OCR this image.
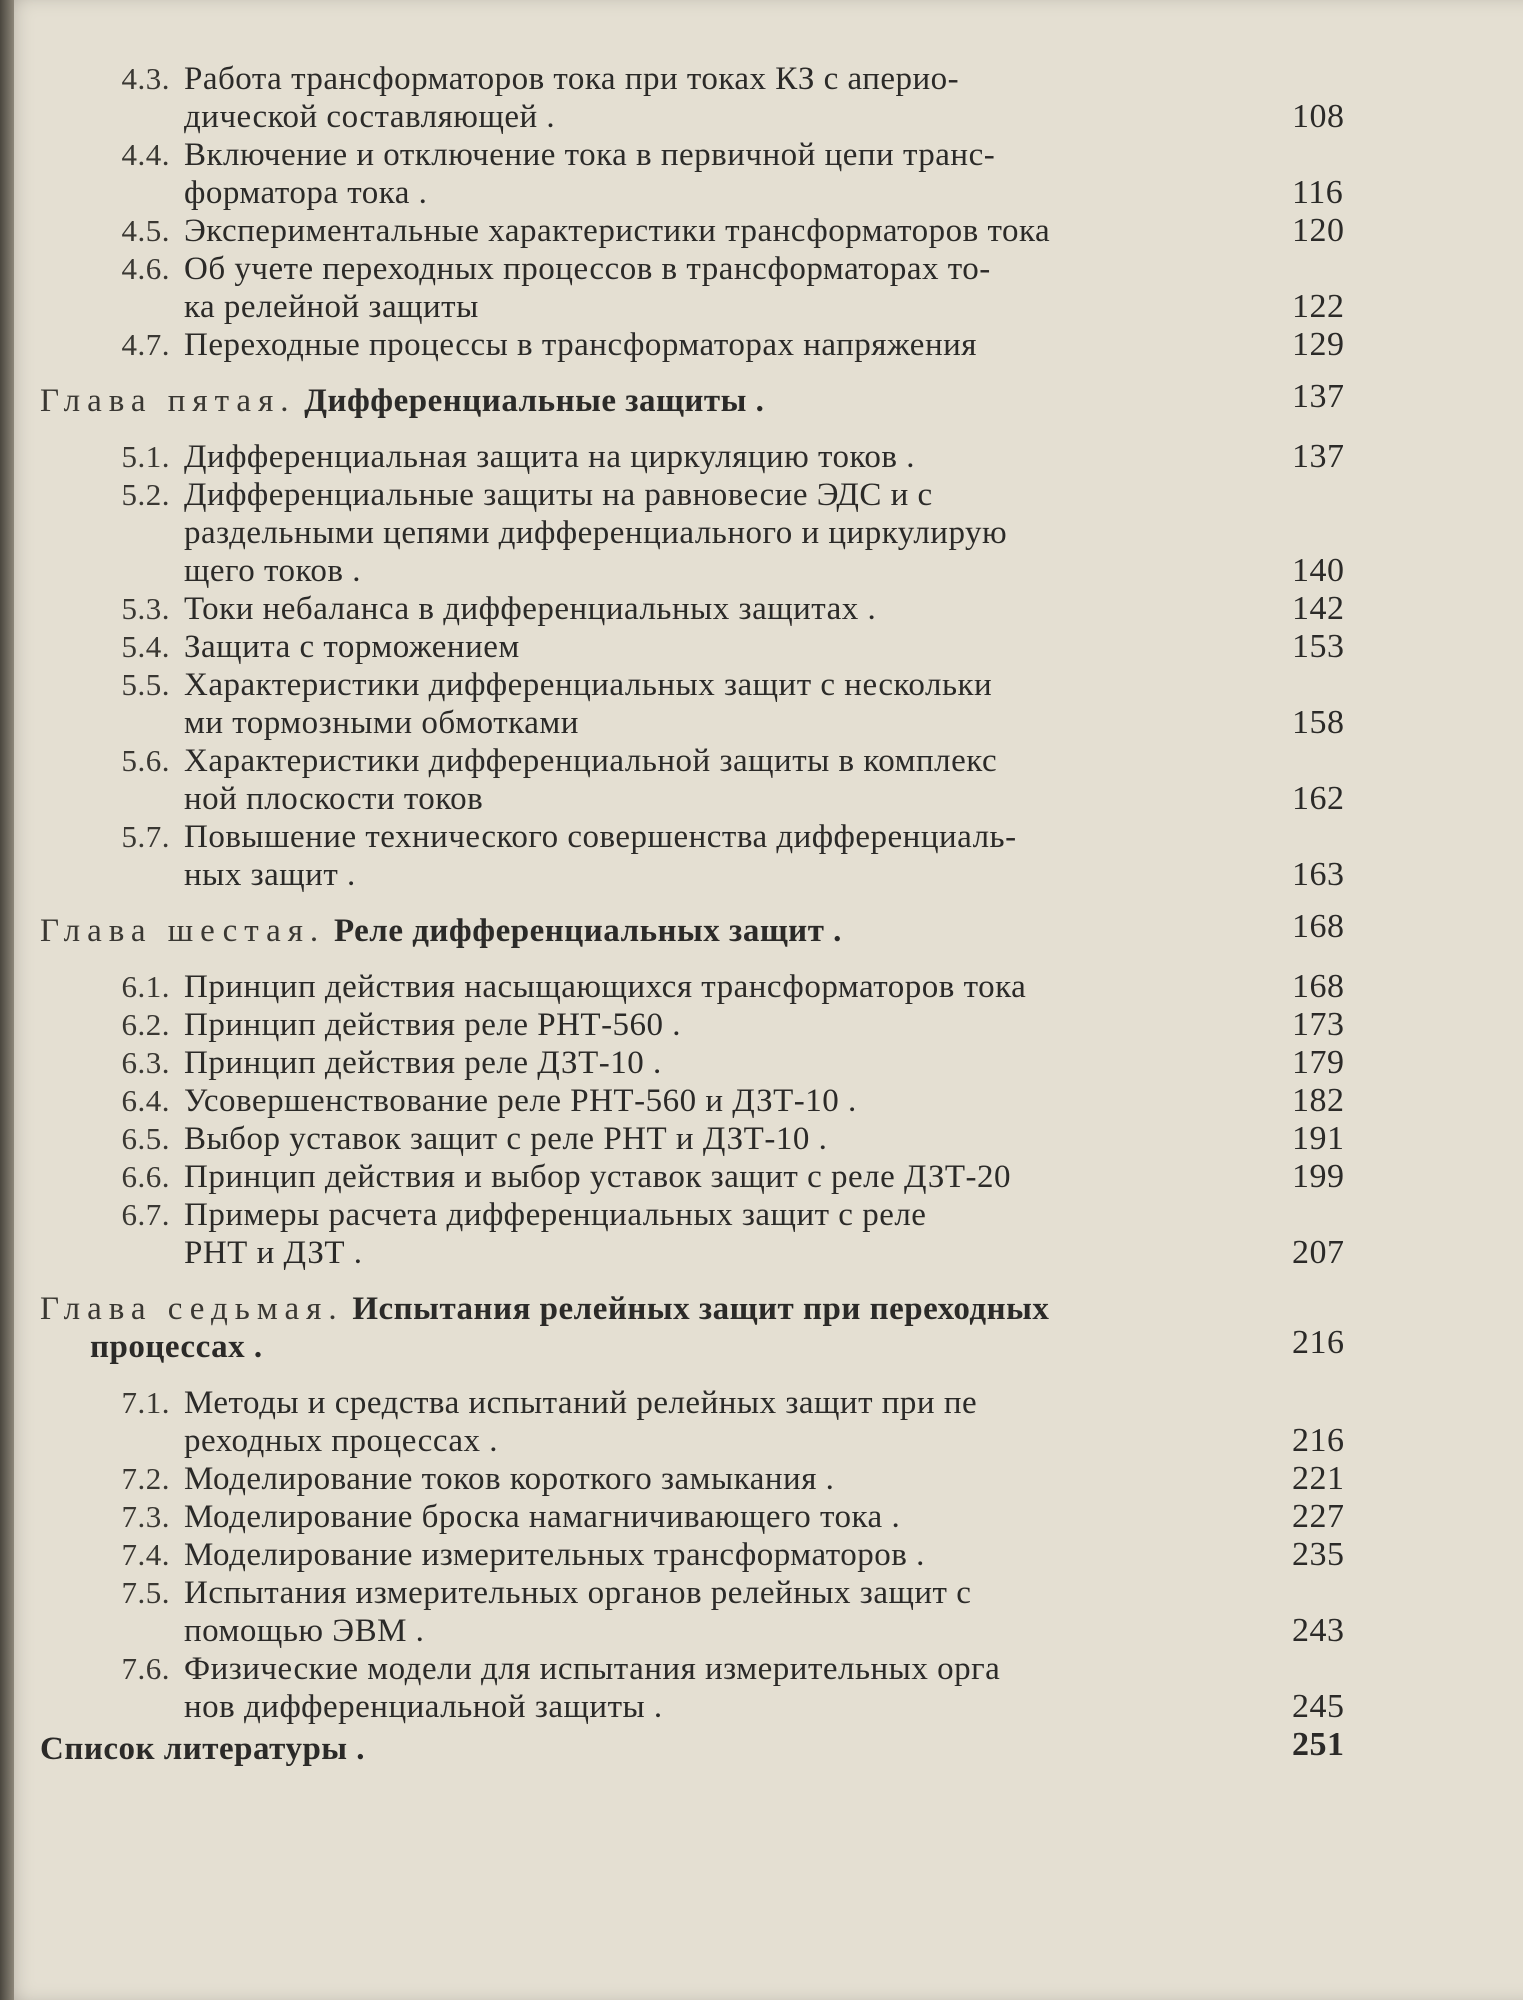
4.3. Работа трансформаторов тока при токах КЗ с апериo-
дической составляющей .	108
4.4. Включение и отключение тока в первичной цепи транс-
форматора тока .	116
4.5. Экспериментальные характеристики трансформаторов тока	120
4.6. Об учете переходных процессов в трансформаторах то-
ка релейной защиты	122
4.7. Переходные процессы в трансформаторах напряжения	129
Глава пятая. Дифференциальные защиты .	137
5.1. Дифференциальная защита на циркуляцию токов .	137
5.2. Дифференциальные защиты на равновесие ЭДС и с
раздельными цепями дифференциального и циркулирую
щего токов .	140
5.3. Токи небаланса в дифференциальных защитах .	142
5.4. Защита с торможением	153
5.5. Характеристики дифференциальных защит с нескольки
ми тормозными обмотками	158
5.6. Характеристики дифференциальной защиты в комплекс
ной плоскости токов	162
5.7. Повышение технического совершенства дифференциаль-
ных защит .	163
Глава шестая. Реле дифференциальных защит .	168
6.1. Принцип действия насыщающихся трансформаторов тока	168
6.2. Принцип действия реле РНТ-560 .	173
6.3. Принцип действия реле ДЗТ-10 .	179
6.4. Усовершенствование реле РНТ-560 и ДЗТ-10 .	182
6.5. Выбор уставок защит с реле РНТ и ДЗТ-10 .	191
6.6. Принцип действия и выбор уставок защит с реле ДЗТ-20	199
6.7. Примеры расчета дифференциальных защит с реле
РНТ и ДЗТ .	207
Глава седьмая. Испытания релейных защит при переходных
процессах .	216
7.1. Методы и средства испытаний релейных защит при пе
реходных процессах .	216
7.2. Моделирование токов короткого замыкания .	221
7.3. Моделирование броска намагничивающего тока .	227
7.4. Моделирование измерительных трансформаторов .	235
7.5. Испытания измерительных органов релейных защит с
помощью ЭВМ .	243
7.6. Физические модели для испытания измерительных орга
нов дифференциальной защиты .	245
Список литературы .	251
